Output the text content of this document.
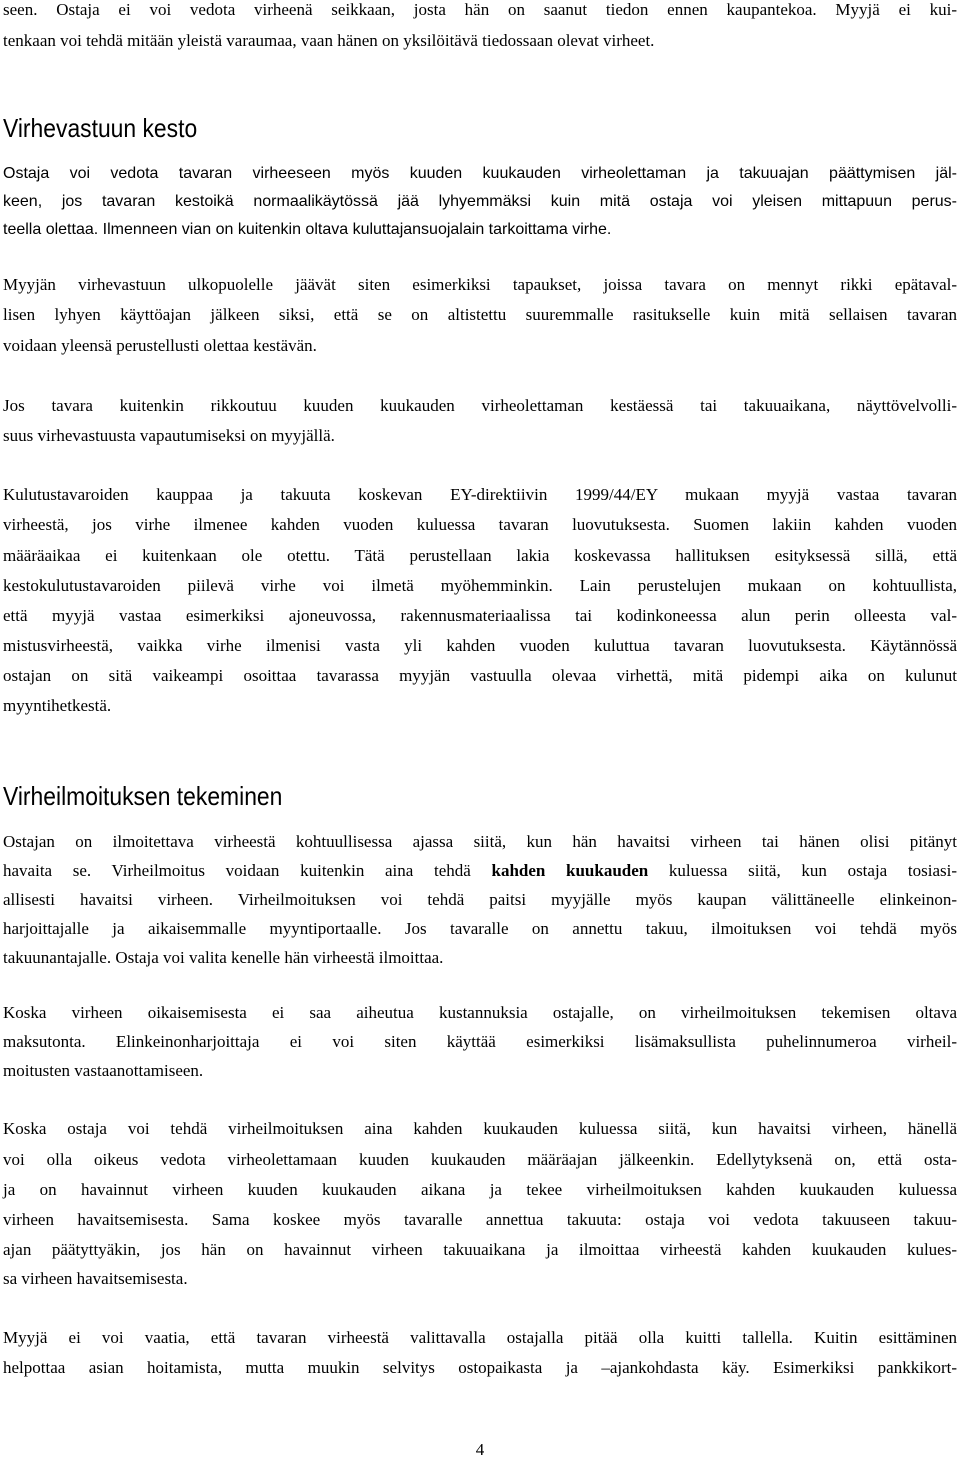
seen. Ostaja ei voi vedota virheenä seikkaan, josta hän on saanut tiedon ennen kaupantekoa. Myyjä ei kui-
tenkaan voi tehdä mitään yleistä varaumaa, vaan hänen on yksilöitävä tiedossaan olevat virheet.
Virhevastuun kesto
Ostaja voi vedota tavaran virheeseen myös kuuden kuukauden virheolettaman ja takuuajan päättymisen jäl-
keen, jos tavaran kestoikä normaalikäytössä jää lyhyemmäksi kuin mitä ostaja voi yleisen mittapuun perus-
teella olettaa. Ilmenneen vian on kuitenkin oltava kuluttajansuojalain tarkoittama virhe.
Myyjän virhevastuun ulkopuolelle jäävät siten esimerkiksi tapaukset, joissa tavara on mennyt rikki epätaval-
lisen lyhyen käyttöajan jälkeen siksi, että se on altistettu suuremmalle rasitukselle kuin mitä sellaisen tavaran
voidaan yleensä perustellusti olettaa kestävän.
Jos tavara kuitenkin rikkoutuu kuuden kuukauden virheolettaman kestäessä tai takuuaikana, näyttövelvolli-
suus virhevastuusta vapautumiseksi on myyjällä.
Kulutustavaroiden kauppaa ja takuuta koskevan EY-direktiivin 1999/44/EY mukaan myyjä vastaa tavaran
virheestä, jos virhe ilmenee kahden vuoden kuluessa tavaran luovutuksesta. Suomen lakiin kahden vuoden
määräaikaa ei kuitenkaan ole otettu. Tätä perustellaan lakia koskevassa hallituksen esityksessä sillä, että
kestokulutustavaroiden piilevä virhe voi ilmetä myöhemminkin. Lain perustelujen mukaan on kohtuullista,
että myyjä vastaa esimerkiksi ajoneuvossa, rakennusmateriaalissa tai kodinkoneessa alun perin olleesta val-
mistusvirheestä, vaikka virhe ilmenisi vasta yli kahden vuoden kuluttua tavaran luovutuksesta. Käytännössä
ostajan on sitä vaikeampi osoittaa tavarassa myyjän vastuulla olevaa virhettä, mitä pidempi aika on kulunut
myyntihetkestä.
Virheilmoituksen tekeminen
Ostajan on ilmoitettava virheestä kohtuullisessa ajassa siitä, kun hän havaitsi virheen tai hänen olisi pitänyt
havaita se. Virheilmoitus voidaan kuitenkin aina tehdä kahden kuukauden kuluessa siitä, kun ostaja tosiasi-
allisesti havaitsi virheen. Virheilmoituksen voi tehdä paitsi myyjälle myös kaupan välittäneelle elinkeinon-
harjoittajalle ja aikaisemmalle myyntiportaalle. Jos tavaralle on annettu takuu, ilmoituksen voi tehdä myös
takuunantajalle. Ostaja voi valita kenelle hän virheestä ilmoittaa.
Koska virheen oikaisemisesta ei saa aiheutua kustannuksia ostajalle, on virheilmoituksen tekemisen oltava
maksutonta. Elinkeinonharjoittaja ei voi siten käyttää esimerkiksi lisämaksullista puhelinnumeroa virheil-
moitusten vastaanottamiseen.
Koska ostaja voi tehdä virheilmoituksen aina kahden kuukauden kuluessa siitä, kun havaitsi virheen, hänellä
voi olla oikeus vedota virheolettamaan kuuden kuukauden määräajan jälkeenkin. Edellytyksenä on, että osta-
ja on havainnut virheen kuuden kuukauden aikana ja tekee virheilmoituksen kahden kuukauden kuluessa
virheen havaitsemisesta. Sama koskee myös tavaralle annettua takuuta: ostaja voi vedota takuuseen takuu-
ajan päätyttyäkin, jos hän on havainnut virheen takuuaikana ja ilmoittaa virheestä kahden kuukauden kulues-
sa virheen havaitsemisesta.
Myyjä ei voi vaatia, että tavaran virheestä valittavalla ostajalla pitää olla kuitti tallella. Kuitin esittäminen
helpottaa asian hoitamista, mutta muukin selvitys ostopaikasta ja –ajankohdasta käy. Esimerkiksi pankkikort-
4
